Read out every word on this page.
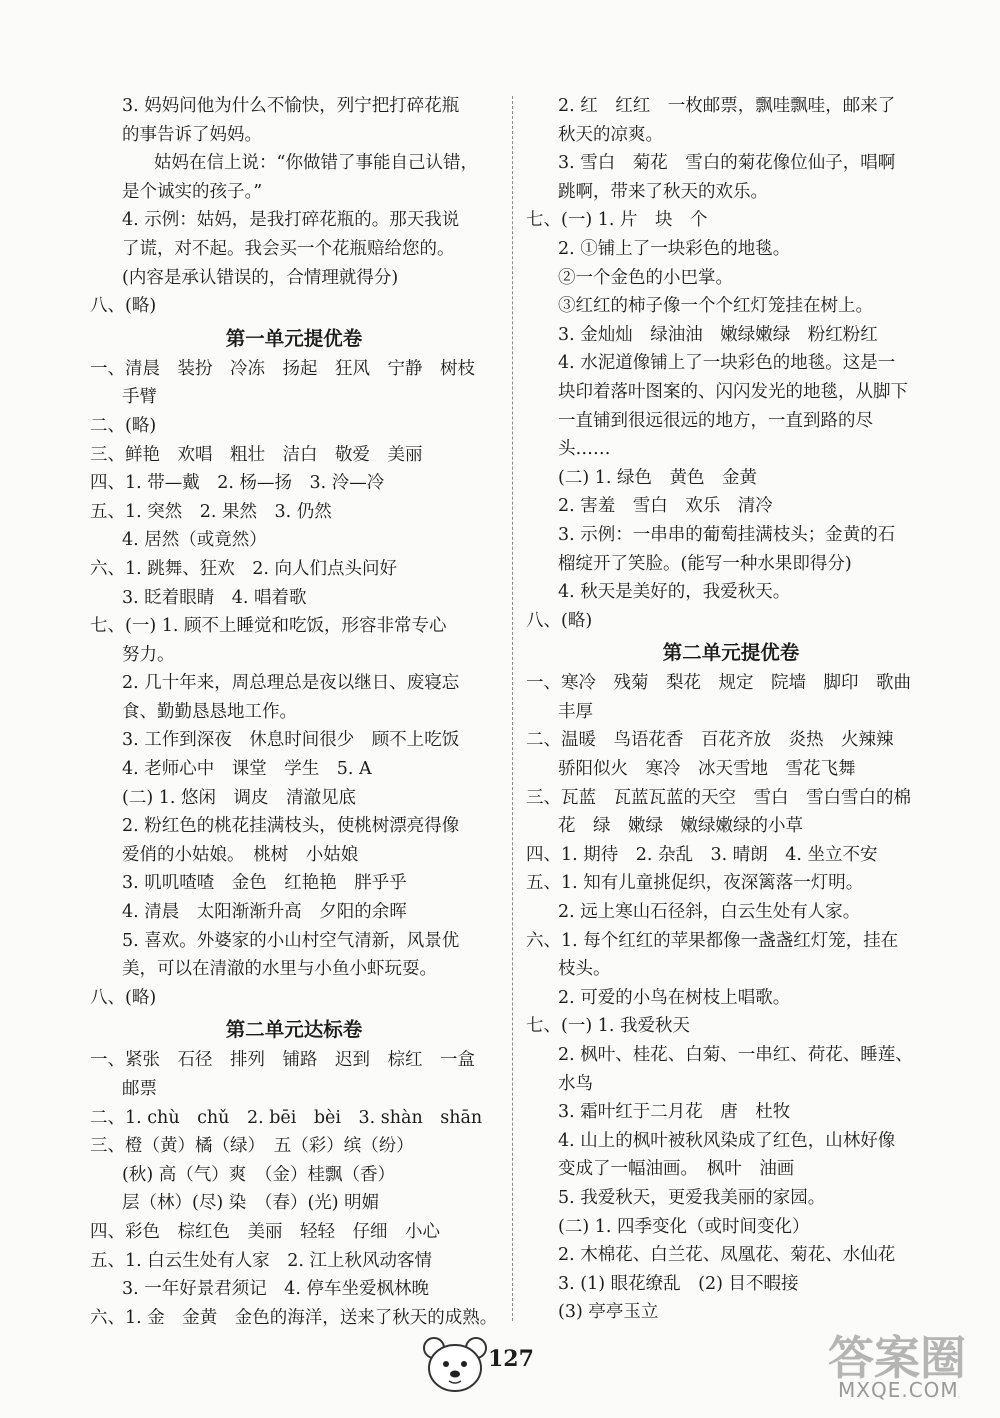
3. 妈妈问他为什么不愉快，列宁把打碎花瓶
的事告诉了妈妈。
姑妈在信上说：“你做错了事能自己认错，
是个诚实的孩子。”
4. 示例：姑妈，是我打碎花瓶的。那天我说
了谎，对不起。我会买一个花瓶赔给您的。
(内容是承认错误的，合情理就得分)
八、(略)
第一单元提优卷
一、清晨　装扮　冷冻　扬起　狂风　宁静　树枝
手臂
二、(略)
三、鲜艳　欢唱　粗壮　洁白　敬爱　美丽
四、1. 带—戴　2. 杨—扬　3. 泠—冷
五、1. 突然　2. 果然　3. 仍然
4. 居然（或竟然）
六、1. 跳舞、狂欢　2. 向人们点头问好
3. 眨着眼睛　4. 唱着歌
七、(一) 1. 顾不上睡觉和吃饭，形容非常专心
努力。
2. 几十年来，周总理总是夜以继日、废寝忘
食、勤勤恳恳地工作。
3. 工作到深夜　休息时间很少　顾不上吃饭
4. 老师心中　课堂　学生　5. A
(二) 1. 悠闲　调皮　清澈见底
2. 粉红色的桃花挂满枝头，使桃树漂亮得像
爱俏的小姑娘。　桃树　小姑娘
3. 叽叽喳喳　金色　红艳艳　胖乎乎
4. 清晨　太阳渐渐升高　夕阳的余晖
5. 喜欢。外婆家的小山村空气清新，风景优
美，可以在清澈的水里与小鱼小虾玩耍。
八、(略)
第二单元达标卷
一、紧张　石径　排列　铺路　迟到　棕红　一盒
邮票
二、1. chù　chǔ　2. bēi　bèi　3. shàn　shān
三、橙（黄）橘（绿）　五（彩）缤（纷）
(秋) 高（气）爽　（金）桂飘（香）
层（林）(尽) 染　（春）(光) 明媚
四、彩色　棕红色　美丽　轻轻　仔细　小心
五、1. 白云生处有人家　2. 江上秋风动客情
3. 一年好景君须记　4. 停车坐爱枫林晚
六、1. 金　金黄　金色的海洋，送来了秋天的成熟。
2. 红　红红　一枚邮票，飘哇飘哇，邮来了
秋天的凉爽。
3. 雪白　菊花　雪白的菊花像位仙子，唱啊
跳啊，带来了秋天的欢乐。
七、(一) 1. 片　块　个
2. ①铺上了一块彩色的地毯。
②一个金色的小巴掌。
③红红的柿子像一个个红灯笼挂在树上。
3. 金灿灿　绿油油　嫩绿嫩绿　粉红粉红
4. 水泥道像铺上了一块彩色的地毯。这是一
块印着落叶图案的、闪闪发光的地毯，从脚下
一直铺到很远很远的地方，一直到路的尽
头……
(二) 1. 绿色　黄色　金黄
2. 害羞　雪白　欢乐　清冷
3. 示例：一串串的葡萄挂满枝头；金黄的石
榴绽开了笑脸。(能写一种水果即得分)
4. 秋天是美好的，我爱秋天。
八、(略)
第二单元提优卷
一、寒冷　残菊　梨花　规定　院墙　脚印　歌曲
丰厚
二、温暖　鸟语花香　百花齐放　炎热　火辣辣
骄阳似火　寒冷　冰天雪地　雪花飞舞
三、瓦蓝　瓦蓝瓦蓝的天空　雪白　雪白雪白的棉
花　绿　嫩绿　嫩绿嫩绿的小草
四、1. 期待　2. 杂乱　3. 晴朗　4. 坐立不安
五、1. 知有儿童挑促织，夜深篱落一灯明。
2. 远上寒山石径斜，白云生处有人家。
六、1. 每个红红的苹果都像一盏盏红灯笼，挂在
枝头。
2. 可爱的小鸟在树枝上唱歌。
七、(一) 1. 我爱秋天
2. 枫叶、桂花、白菊、一串红、荷花、睡莲、
水鸟
3. 霜叶红于二月花　唐　杜牧
4. 山上的枫叶被秋风染成了红色，山林好像
变成了一幅油画。　枫叶　油画
5. 我爱秋天，更爱我美丽的家园。
(二) 1. 四季变化（或时间变化）
2. 木棉花、白兰花、凤凰花、菊花、水仙花
3. (1) 眼花缭乱　(2) 目不暇接
(3) 亭亭玉立
127	答案圈
MXQE.COM
